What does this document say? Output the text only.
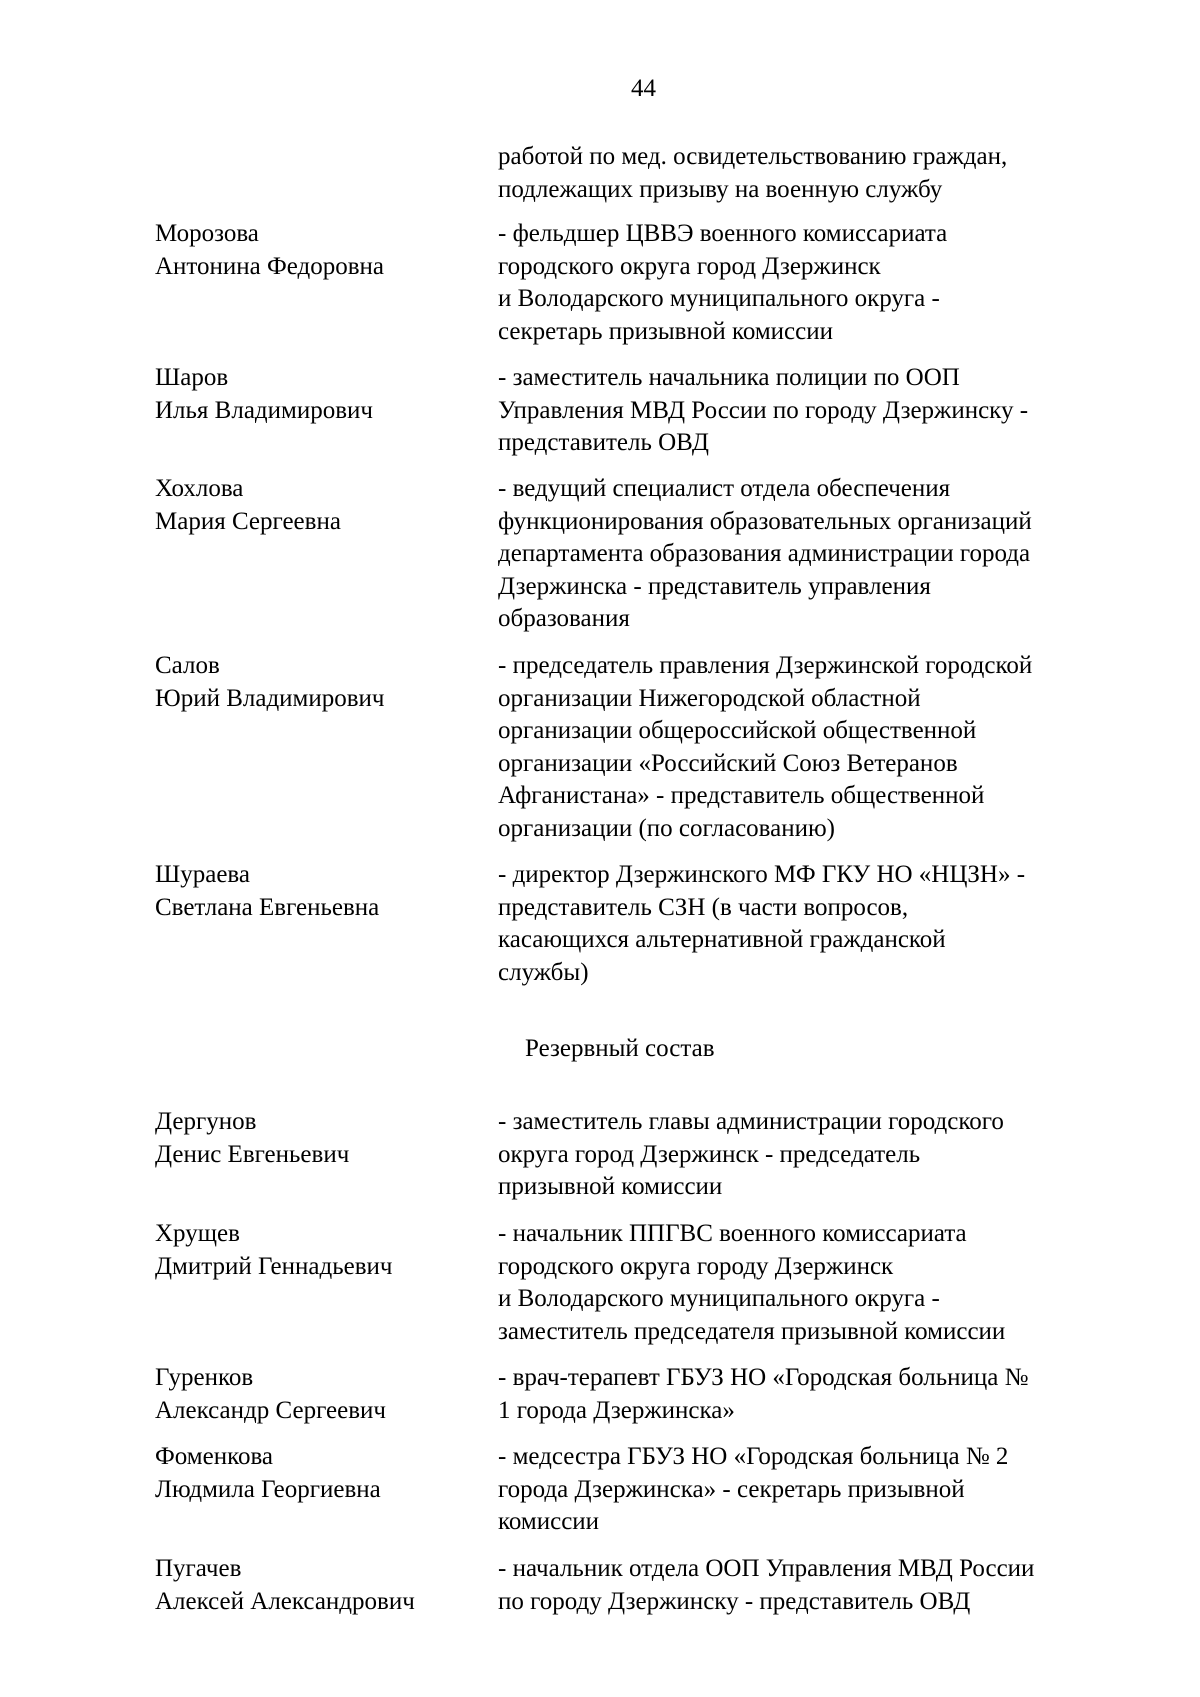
44
работой по мед. освидетельствованию граждан,
подлежащих призыву на военную службу
Морозова
Антонина Федоровна
- фельдшер ЦВВЭ военного комиссариата
городского округа город Дзержинск
и Володарского муниципального округа -
секретарь призывной комиссии
Шаров
Илья Владимирович
- заместитель начальника полиции по ООП
Управления МВД России по городу Дзержинску -
представитель ОВД
Хохлова
Мария Сергеевна
- ведущий специалист отдела обеспечения
функционирования образовательных организаций
департамента образования администрации города
Дзержинска - представитель управления
образования
Салов
Юрий Владимирович
- председатель правления Дзержинской городской
организации Нижегородской областной
организации общероссийской общественной
организации «Российский Союз Ветеранов
Афганистана» - представитель общественной
организации (по согласованию)
Шураева
Светлана Евгеньевна
- директор Дзержинского МФ ГКУ НО «НЦЗН» -
представитель СЗН (в части вопросов,
касающихся альтернативной гражданской
службы)
Резервный состав
Дергунов
Денис Евгеньевич
- заместитель главы администрации городского
округа город Дзержинск - председатель
призывной комиссии
Хрущев
Дмитрий Геннадьевич
- начальник ППГВС военного комиссариата
городского округа городу Дзержинск
и Володарского муниципального округа -
заместитель председателя призывной комиссии
Гуренков
Александр Сергеевич
- врач-терапевт ГБУЗ НО «Городская больница №
1 города Дзержинска»
Фоменкова
Людмила Георгиевна
- медсестра ГБУЗ НО «Городская больница № 2
города Дзержинска» - секретарь призывной
комиссии
Пугачев
Алексей Александрович
- начальник отдела ООП Управления МВД России
по городу Дзержинску - представитель ОВД
